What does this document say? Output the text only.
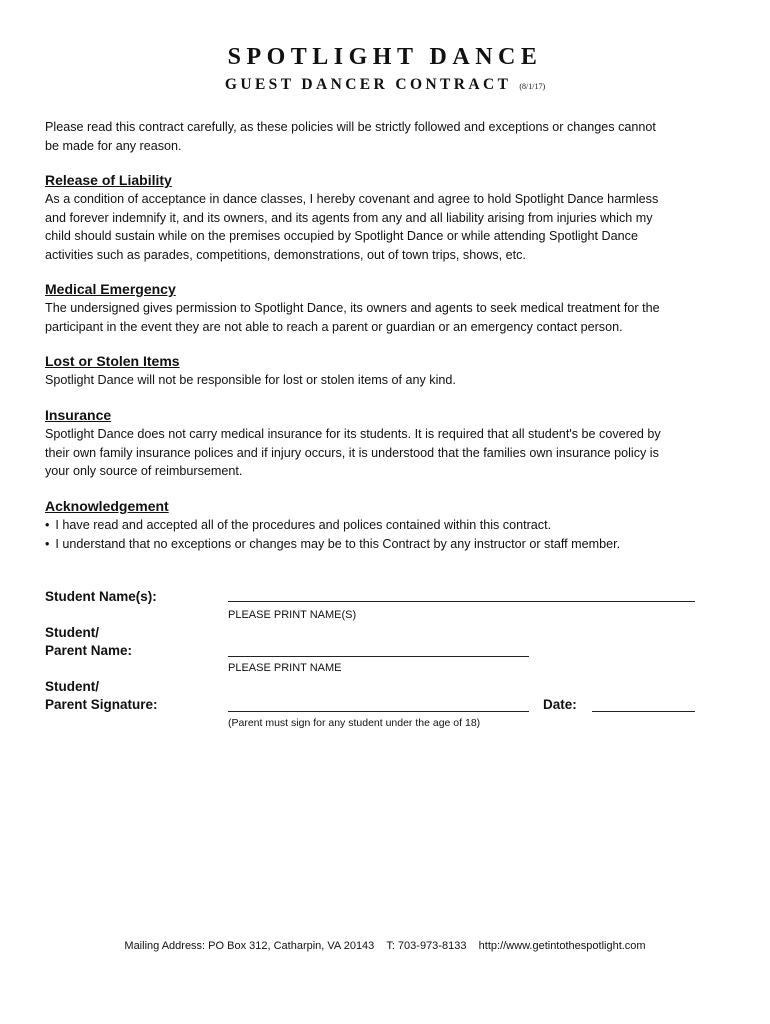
SPOTLIGHT DANCE
GUEST DANCER CONTRACT (8/1/17)
Please read this contract carefully, as these policies will be strictly followed and exceptions or changes cannot
be made for any reason.
Release of Liability
As a condition of acceptance in dance classes, I hereby covenant and agree to hold Spotlight Dance harmless
and forever indemnify it, and its owners, and its agents from any and all liability arising from injuries which my
child should sustain while on the premises occupied by Spotlight Dance or while attending Spotlight Dance
activities such as parades, competitions, demonstrations, out of town trips, shows, etc.
Medical Emergency
The undersigned gives permission to Spotlight Dance, its owners and agents to seek medical treatment for the
participant in the event they are not able to reach a parent or guardian or an emergency contact person.
Lost or Stolen Items
Spotlight Dance will not be responsible for lost or stolen items of any kind.
Insurance
Spotlight Dance does not carry medical insurance for its students. It is required that all student's be covered by
their own family insurance polices and if injury occurs, it is understood that the families own insurance policy is
your only source of reimbursement.
Acknowledgement
• I have read and accepted all of the procedures and polices contained within this contract.
• I understand that no exceptions or changes may be to this Contract by any instructor or staff member.
Student Name(s):
PLEASE PRINT NAME(S)
Student/
Parent Name:
PLEASE PRINT NAME
Student/
Parent Signature:	Date:
(Parent must sign for any student under the age of 18)
Mailing Address: PO Box 312, Catharpin, VA 20143    T: 703-973-8133    http://www.getintothespotlight.com
